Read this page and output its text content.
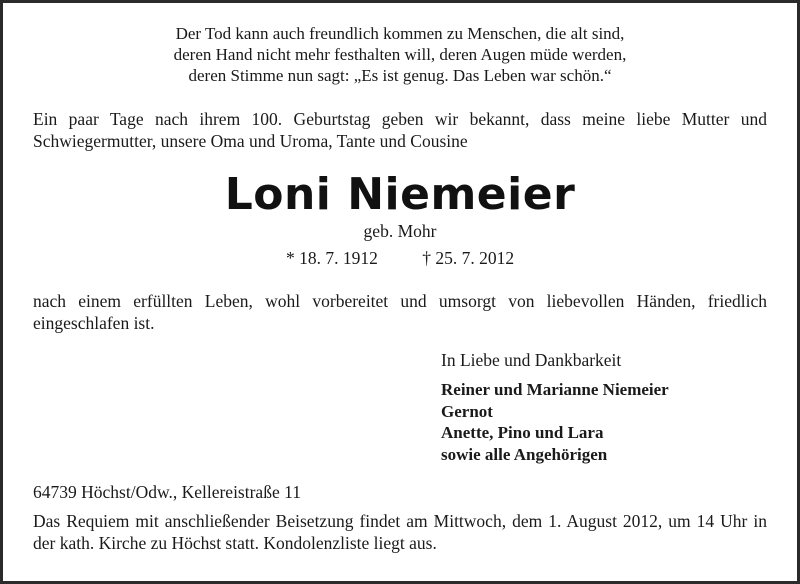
Der Tod kann auch freundlich kommen zu Menschen, die alt sind,
deren Hand nicht mehr festhalten will, deren Augen müde werden,
deren Stimme nun sagt: „Es ist genug. Das Leben war schön.“
Ein paar Tage nach ihrem 100. Geburtstag geben wir bekannt, dass meine liebe Mutter und Schwiegermutter, unsere Oma und Uroma, Tante und Cousine
Loni Niemeier
geb. Mohr
* 18. 7. 1912	† 25. 7. 2012
nach einem erfüllten Leben, wohl vorbereitet und umsorgt von liebevollen Händen, friedlich eingeschlafen ist.
In Liebe und Dankbarkeit
Reiner und Marianne Niemeier
Gernot
Anette, Pino und Lara
sowie alle Angehörigen
64739 Höchst/Odw., Kellereistraße 11
Das Requiem mit anschließender Beisetzung findet am Mittwoch, dem 1. August 2012, um 14 Uhr in der kath. Kirche zu Höchst statt. Kondolenzliste liegt aus.
